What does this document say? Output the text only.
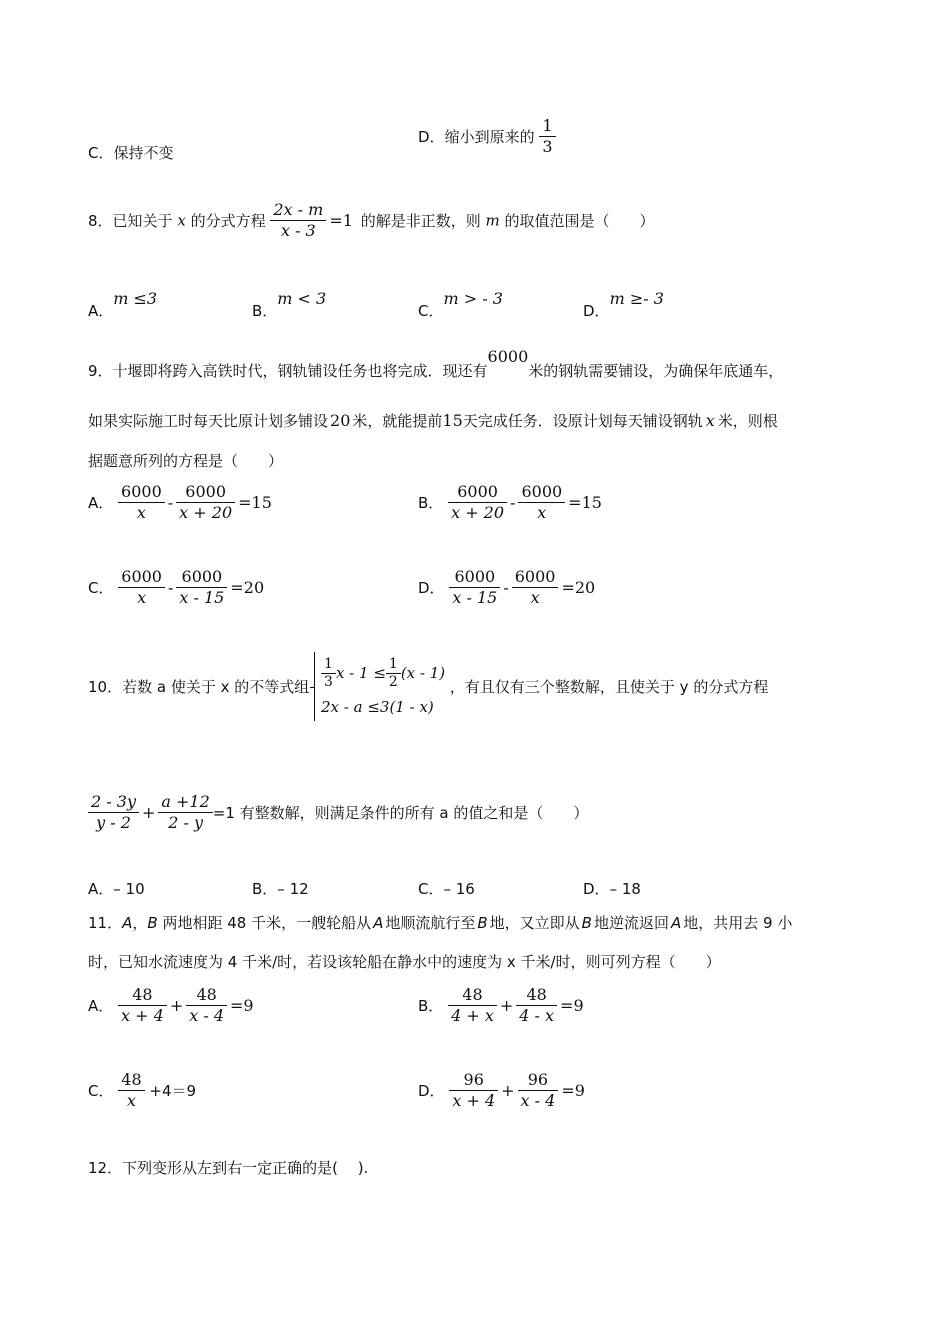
C．保持不变
D．缩小到原来的 $\frac{1}{3}$
8．已知关于 x 的分式方程 $\frac{2x - m}{x - 3} =1$ 的解是非正数，则 m 的取值范围是（　　）
A．m ≤3
B．m < 3
C．m > - 3
D．m ≥- 3
9．十堰即将跨入高铁时代，钢轨铺设任务也将完成．现还有6000米的钢轨需要铺设，为确保年底通车，
如果实际施工时每天比原计划多铺设 20 米，就能提前15天完成任务．设原计划每天铺设钢轨 x 米，则根
据题意所列的方程是（　　）
A． $\frac{6000}{x} - \frac{6000}{x + 20} =15$	B． $\frac{6000}{x + 20} - \frac{6000}{x} =15$
C． $\frac{6000}{x} - \frac{6000}{x - 15} =20$	D． $\frac{6000}{x - 15} - \frac{6000}{x} =20$
10．若数 a 使关于 x 的不等式组 $\frac{1}{3}$ $x - 1 \le \frac{1}{2} (x - 1)$
2x - a ≤3(1 - x)
，有且仅有三个整数解，且使关于 y 的分式方程
$\frac{2 - 3y}{y - 2} + \frac{a +12}{2 - y} =1$ 有整数解，则满足条件的所有 a 的值之和是（　　）
A．– 10	B．– 12	C．– 16	D．– 18
11．A，B 两地相距 48 千米，一艘轮船从 A 地顺流航行至 B 地，又立即从 B 地逆流返回 A 地，共用去 9 小
时，已知水流速度为 4 千米/时，若设该轮船在静水中的速度为 x 千米/时，则可列方程（　　）
A． $\frac{48}{x + 4} + \frac{48}{x - 4} =9$	B． $\frac{48}{4 + x} + \frac{48}{4 - x} =9$
C． $\frac{48}{x} +4=9$	D． $\frac{96}{x + 4} + \frac{96}{x - 4} =9$
12．下列变形从左到右一定正确的是(　 ).
